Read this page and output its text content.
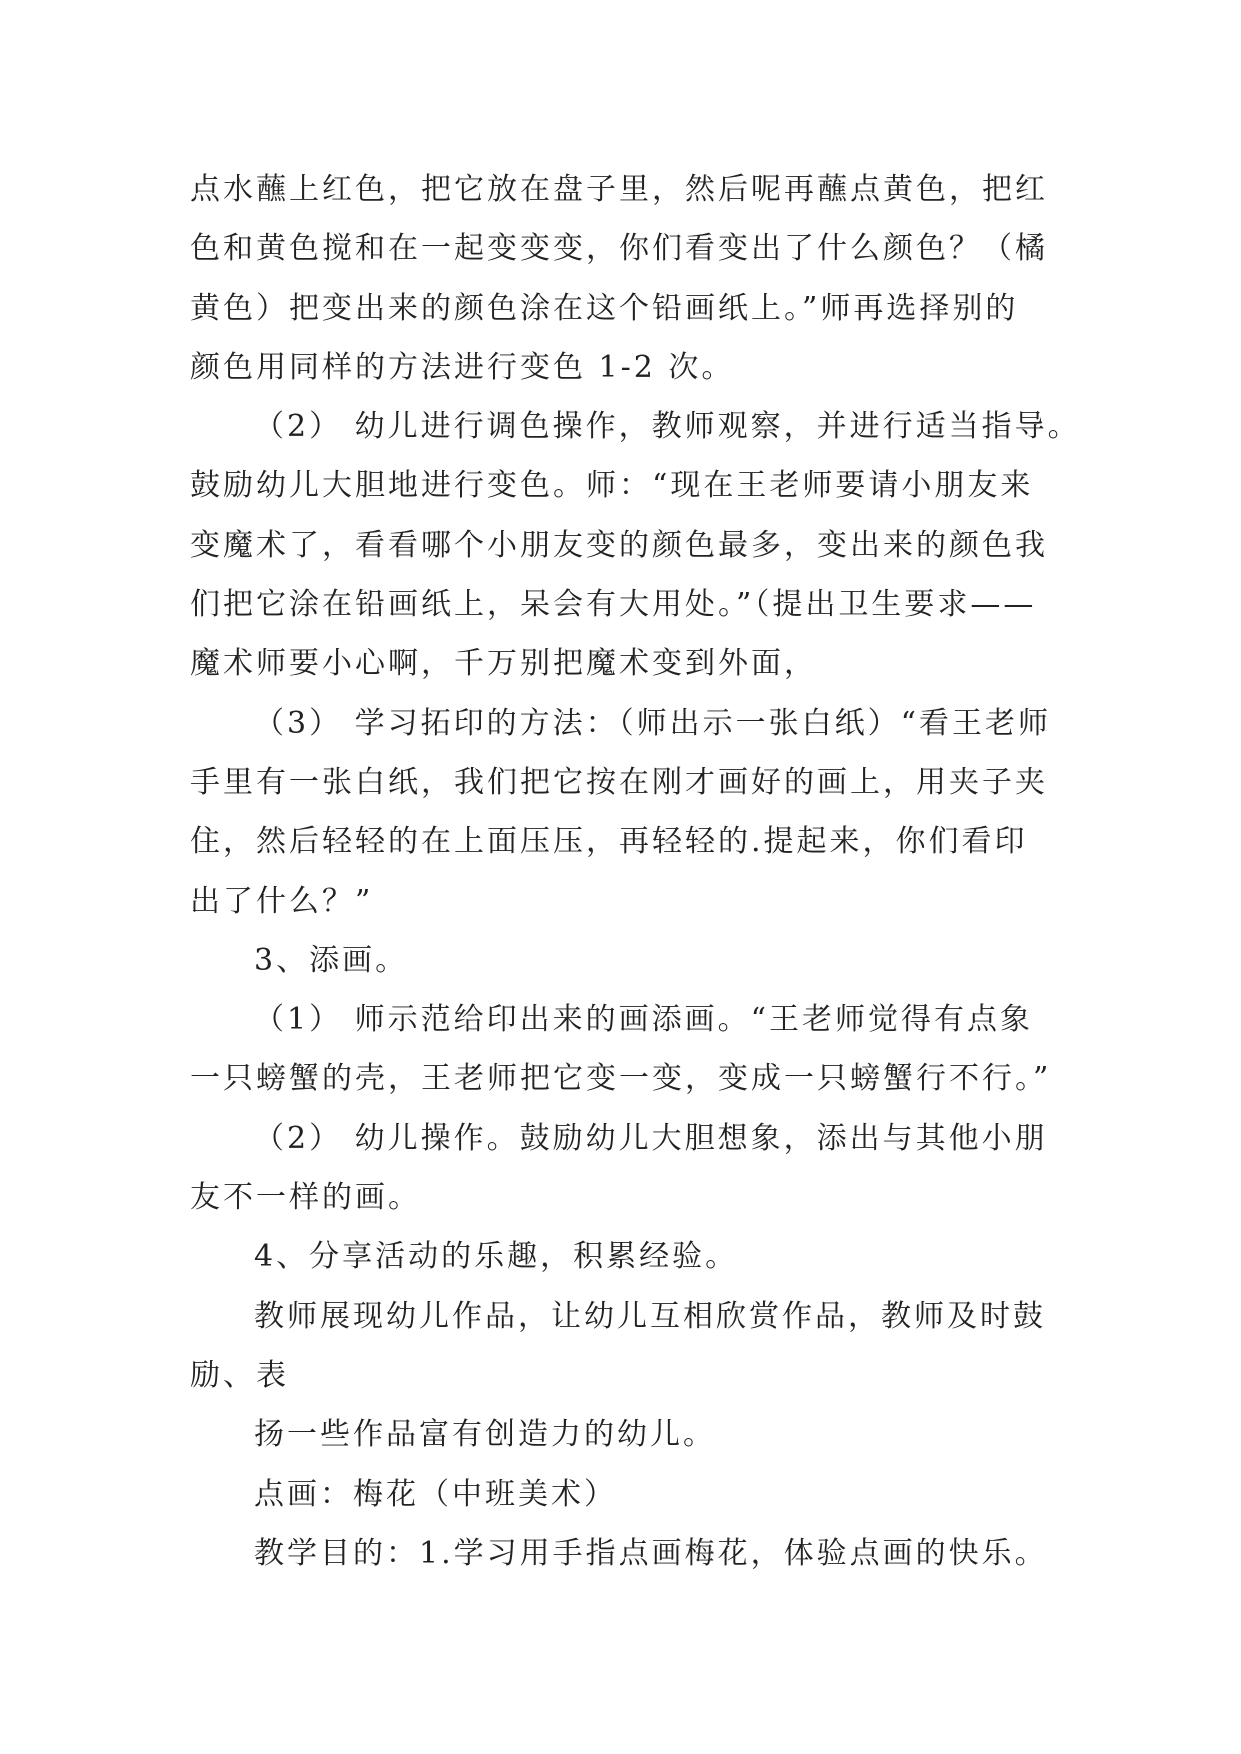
点水蘸上红色，把它放在盘子里，然后呢再蘸点黄色，把红
色和黄色搅和在一起变变变，你们看变出了什么颜色？（橘
黄色）把变出来的颜色涂在这个铅画纸上。”师再选择别的
颜色用同样的方法进行变色 1-2 次。
（2） 幼儿进行调色操作，教师观察，并进行适当指导。
鼓励幼儿大胆地进行变色。师：“现在王老师要请小朋友来
变魔术了，看看哪个小朋友变的颜色最多，变出来的颜色我
们把它涂在铅画纸上，呆会有大用处。”（提出卫生要求——
魔术师要小心啊，千万别把魔术变到外面，
（3） 学习拓印的方法：（师出示一张白纸）“看王老师
手里有一张白纸，我们把它按在刚才画好的画上，用夹子夹
住，然后轻轻的在上面压压，再轻轻的.提起来，你们看印
出了什么？”
3、添画。
（1） 师示范给印出来的画添画。“王老师觉得有点象
一只螃蟹的壳，王老师把它变一变，变成一只螃蟹行不行。”
（2） 幼儿操作。鼓励幼儿大胆想象，添出与其他小朋
友不一样的画。
4、分享活动的乐趣，积累经验。
教师展现幼儿作品，让幼儿互相欣赏作品，教师及时鼓
励、表
扬一些作品富有创造力的幼儿。
点画：梅花（中班美术）
教学目的：1.学习用手指点画梅花，体验点画的快乐。
